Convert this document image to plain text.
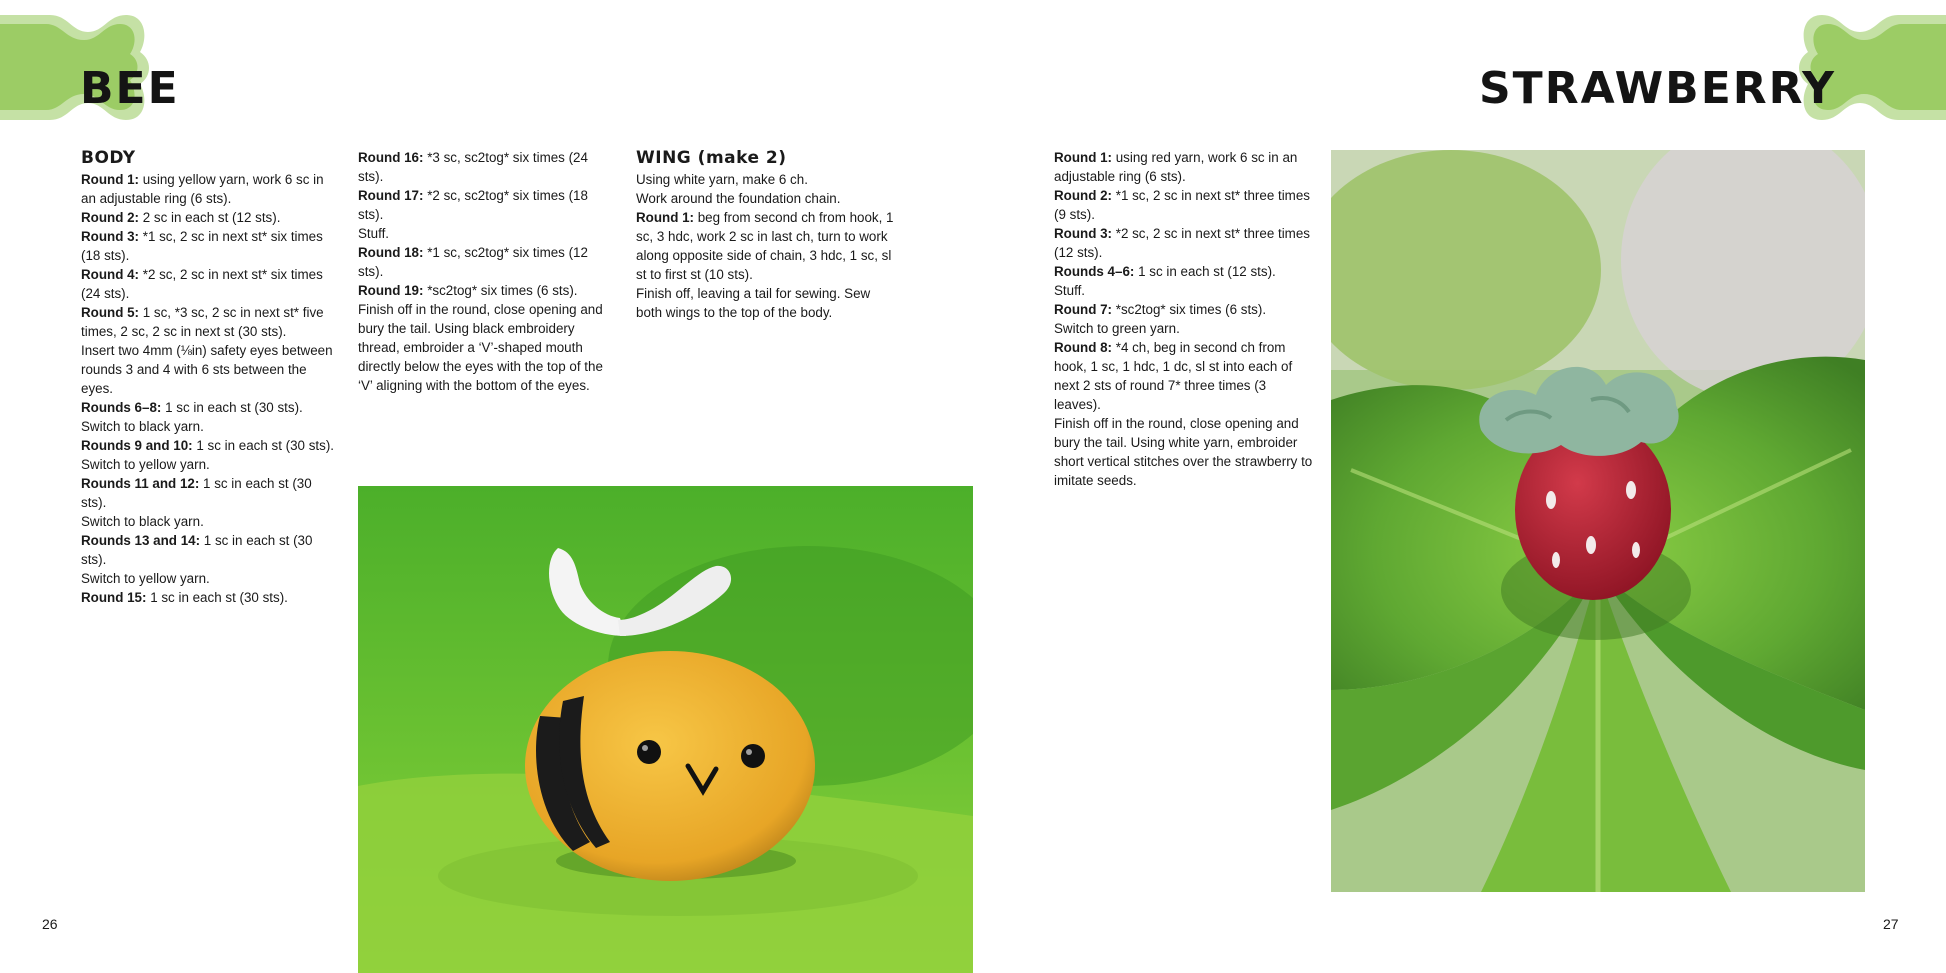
BEE

BODY

Round 1: using yellow yarn, work 6 sc in an adjustable ring (6 sts).

Round 2: 2 sc in each st (12 sts).

Round 3: *1 sc, 2 sc in next st* six times (18 sts).

Round 4: *2 sc, 2 sc in next st* six times (24 sts).

Round 5: 1 sc, *3 sc, 2 sc in next st* five times, 2 sc, 2 sc in next st (30 sts).

Insert two 4mm (⅛in) safety eyes between rounds 3 and 4 with 6 sts between the eyes.

Rounds 6–8: 1 sc in each st (30 sts).

Switch to black yarn.

Rounds 9 and 10: 1 sc in each st (30 sts).

Switch to yellow yarn.

Rounds 11 and 12: 1 sc in each st (30 sts).

Switch to black yarn.

Rounds 13 and 14: 1 sc in each st (30 sts).

Switch to yellow yarn.

Round 15: 1 sc in each st (30 sts).

Round 16: *3 sc, sc2tog* six times (24 sts).

Round 17: *2 sc, sc2tog* six times (18 sts).

Stuff.

Round 18: *1 sc, sc2tog* six times (12 sts).

Round 19: *sc2tog* six times (6 sts).

Finish off in the round, close opening and bury the tail. Using black embroidery thread, embroider a ‘V’-shaped mouth directly below the eyes with the top of the ‘V’ aligning with the bottom of the eyes.

WING (make 2)

Using white yarn, make 6 ch.

Work around the foundation chain.

Round 1: beg from second ch from hook, 1 sc, 3 hdc, work 2 sc in last ch, turn to work along opposite side of chain, 3 hdc, 1 sc, sl st to first st (10 sts).

Finish off, leaving a tail for sewing. Sew both wings to the top of the body.

26
STRAWBERRY

Round 1: using red yarn, work 6 sc in an adjustable ring (6 sts).

Round 2: *1 sc, 2 sc in next st* three times (9 sts).

Round 3: *2 sc, 2 sc in next st* three times (12 sts).

Rounds 4–6: 1 sc in each st (12 sts).

Stuff.

Round 7: *sc2tog* six times (6 sts).

Switch to green yarn.

Round 8: *4 ch, beg in second ch from hook, 1 sc, 1 hdc, 1 dc, sl st into each of next 2 sts of round 7* three times (3 leaves).

Finish off in the round, close opening and bury the tail. Using white yarn, embroider short vertical stitches over the strawberry to imitate seeds.

27
